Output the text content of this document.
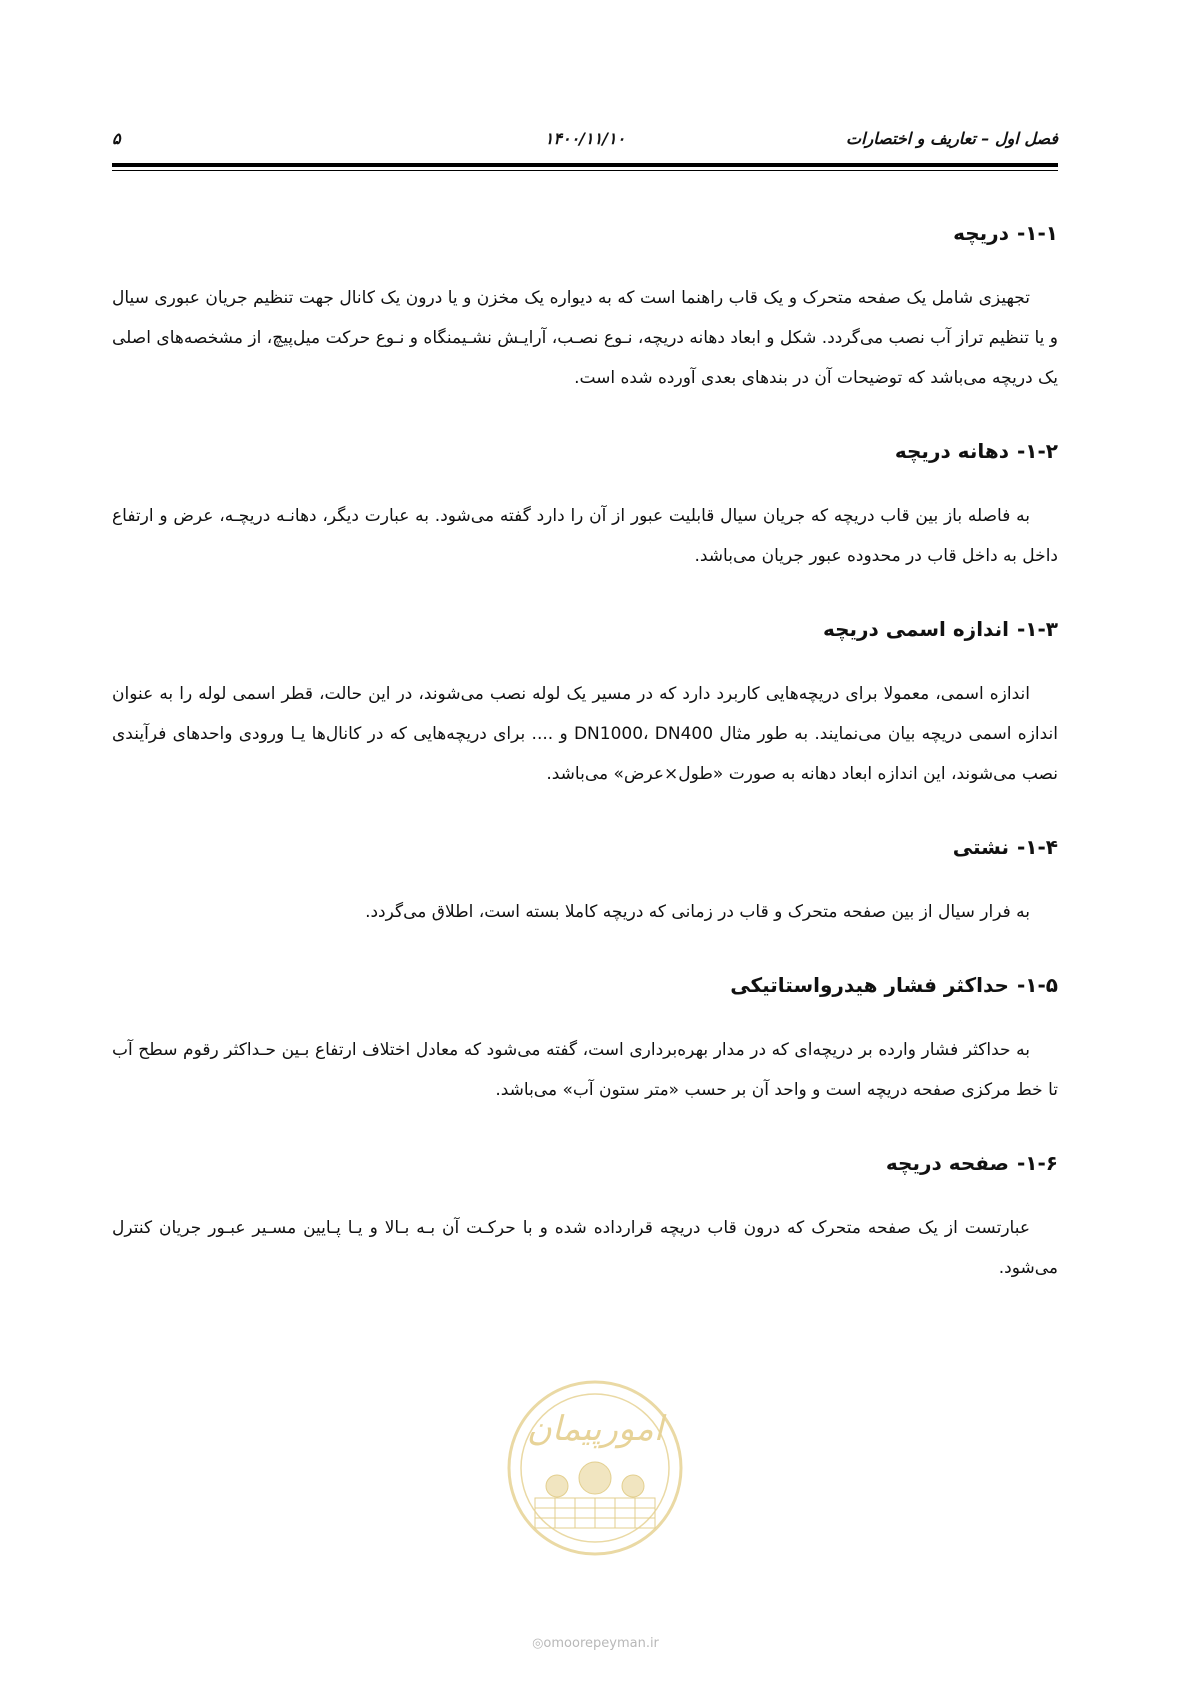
فصل اول – تعاریف و اختصارات
۱۴۰۰/۱۱/۱۰
۵
۱-۱-دریچه

تجهیزی شامل یک صفحه متحرک و یک قاب راهنما است که به دیواره یک مخزن و یا درون یک کانال جهت تنظیم جریان عبوری سیال و یا تنظیم تراز آب نصب می‌گردد. شکل و ابعاد دهانه دریچه، نـوع نصـب، آرایـش نشـیمنگاه و نـوع حرکت میل‌پیچ، از مشخصه‌های اصلی یک دریچه می‌باشد که توضیحات آن در بندهای بعدی آورده شده است.

۱-۲-دهانه دریچه

به فاصله باز بین قاب دریچه که جریان سیال قابلیت عبور از آن را دارد گفته می‌شود. به عبارت دیگر، دهانـه دریچـه، عرض و ارتفاع داخل به داخل قاب در محدوده عبور جریان می‌باشد.

۱-۳-اندازه اسمی دریچه

اندازه اسمی، معمولا برای دریچه‌هایی کاربرد دارد که در مسیر یک لوله نصب می‌شوند، در این حالت، قطر اسمی لوله را به عنوان اندازه اسمی دریچه بیان می‌نمایند. به طور مثال DN1000، DN400 و .... برای دریچه‌هایی که در کانال‌ها یـا ورودی واحدهای فرآیندی نصب می‌شوند، این اندازه ابعاد دهانه به صورت «طول×عرض» می‌باشد.

۱-۴-نشتی

به فرار سیال از بین صفحه متحرک و قاب در زمانی که دریچه کاملا بسته است، اطلاق می‌گردد.

۱-۵-حداکثر فشار هیدرواستاتیکی

به حداکثر فشار وارده بر دریچه‌ای که در مدار بهره‌برداری است، گفته می‌شود که معادل اختلاف ارتفاع بـین حـداکثر رقوم سطح آب تا خط مرکزی صفحه دریچه است و واحد آن بر حسب «متر ستون آب» می‌باشد.

۱-۶-صفحه دریچه

عبارتست از یک صفحه متحرک که درون قاب دریچه قرارداده شده و با حرکـت آن بـه بـالا و یـا پـایین مسـیر عبـور جریان کنترل می‌شود.

امورپیمان
◎omoorepeyman.ir
